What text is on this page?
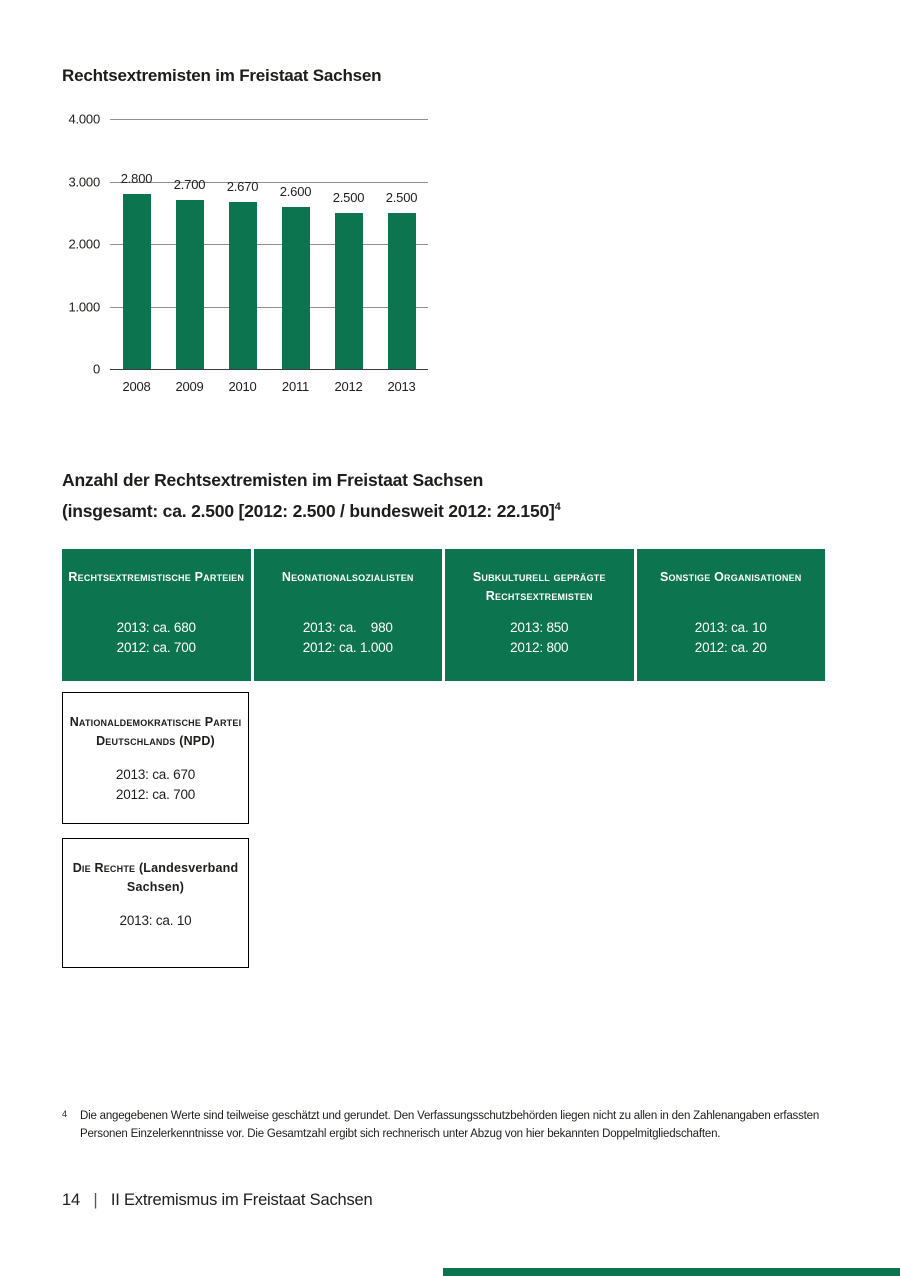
Rechtsextremisten im Freistaat Sachsen
4.000
3.000
2.000
1.000
0
2.800 2.700 2.670 2.600 2.500 2.500
2008	2009	2010	2011	2012	2013
Anzahl der Rechtsextremisten im Freistaat Sachsen
(insgesamt: ca. 2.500 [2012: 2.500 / bundesweit 2012: 22.150]$^4$
Rechtsextremistische Parteien
2013: ca. 680
2012: ca. 700
Neonationalsozialisten
2013: ca.    980
2012: ca. 1.000
Subkulturell geprägte Rechtsextremisten
2013: 850
2012: 800
Sonstige Organisationen
2013: ca. 10
2012: ca. 20
Nationaldemokratische Partei Deutschlands (NPD)
2013: ca. 670
2012: ca. 700
Die Rechte (Landesverband Sachsen)
2013: ca. 10
4	Die angegebenen Werte sind teilweise geschätzt und gerundet. Den Verfassungsschutzbehörden liegen nicht zu allen in den Zahlenangaben erfassten
Personen Einzelerkenntnisse vor. Die Gesamtzahl ergibt sich rechnerisch unter Abzug von hier bekannten Doppelmitgliedschaften.
14 | II Extremismus im Freistaat Sachsen
